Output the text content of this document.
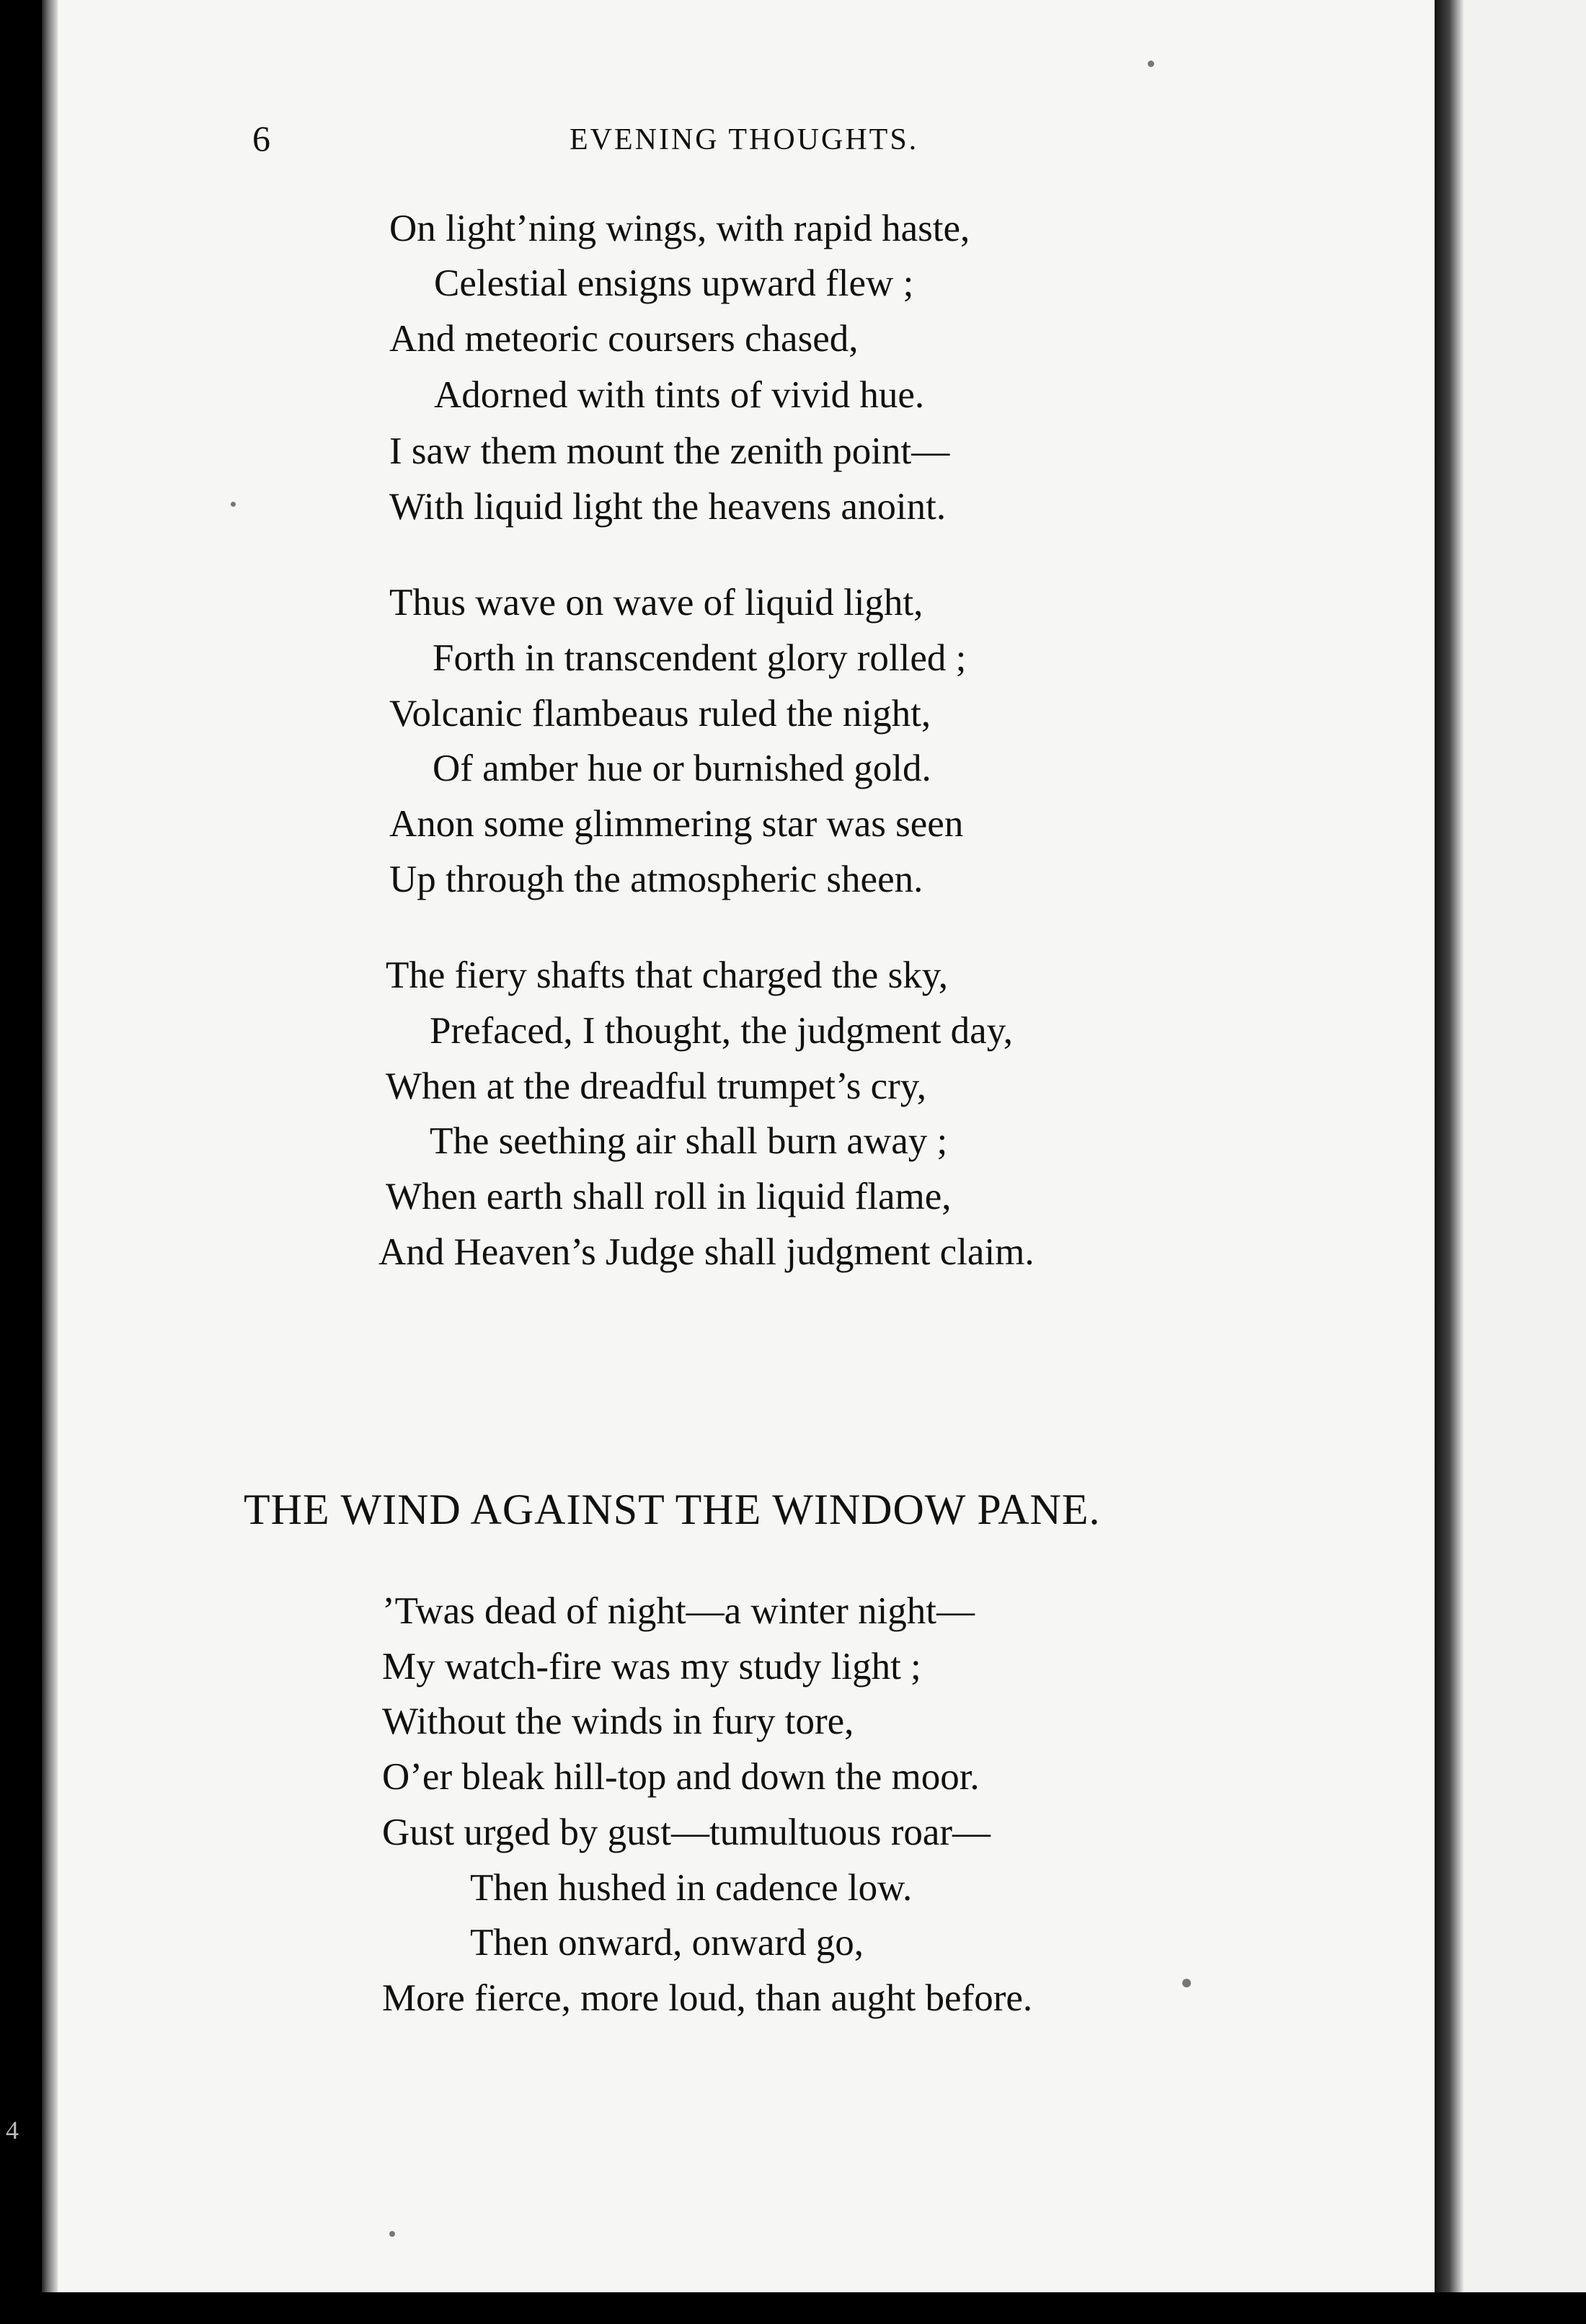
6	EVENING THOUGHTS.
On light’ning wings, with rapid haste,
Celestial ensigns upward flew ;
And meteoric coursers chased,
Adorned with tints of vivid hue.
I saw them mount the zenith point—
With liquid light the heavens anoint.
Thus wave on wave of liquid light,
Forth in transcendent glory rolled ;
Volcanic flambeaus ruled the night,
Of amber hue or burnished gold.
Anon some glimmering star was seen
Up through the atmospheric sheen.
The fiery shafts that charged the sky,
Prefaced, I thought, the judgment day,
When at the dreadful trumpet’s cry,
The seething air shall burn away ;
When earth shall roll in liquid flame,
And Heaven’s Judge shall judgment claim.
THE WIND AGAINST THE WINDOW PANE.
’Twas dead of night—a winter night—
My watch-fire was my study light ;
Without the winds in fury tore,
O’er bleak hill-top and down the moor.
Gust urged by gust—tumultuous roar—
Then hushed in cadence low.
Then onward, onward go,
More fierce, more loud, than aught before.
4
